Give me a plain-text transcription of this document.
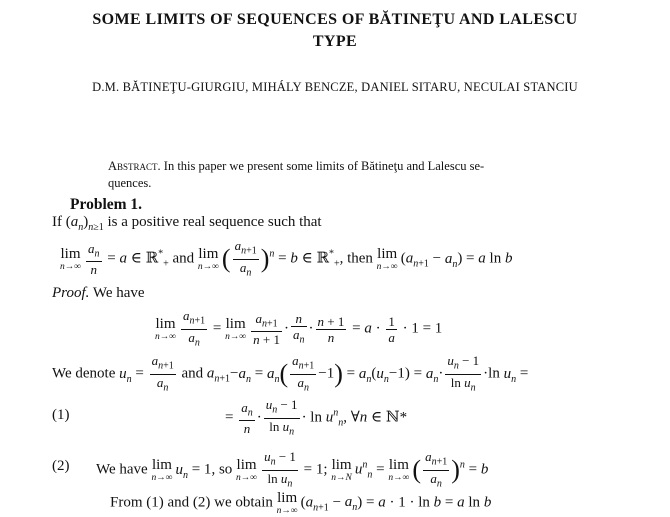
SOME LIMITS OF SEQUENCES OF BĂTINEŢU AND LALESCU
TYPE
D.M. BĂTINEŢU-GIURGIU, MIHÁLY BENCZE, DANIEL SITARU, NECULAI STANCIU
Abstract. In this paper we present some limits of Bătineţu and Lalescu se-
quences.
Problem 1.
If $(a_n)_{n\ge 1}$ is a positive real sequence such that
lim
$n\to\infty \frac{a_n}{n} = a$ ∈ ℝ*$_+$ and lim
n→∞ ( $\frac{a_{n+1}}{a_n} )^n = b$ ∈ ℝ*$_+$, then lim
n→∞
$(a_{n+1} - a_n) = a$ ln b
Proof. We have
lim
$n\to\infty \frac{a_{n+1}}{a_n} = \lim$
$n\to\infty \frac{a_{n+1}}{n + 1} \cdot \frac{n}{a_n} \cdot \frac{n + 1}{n} = a \cdot \frac{1}{a} \cdot 1 = 1$
We denote $u_n = \frac{a_{n+1}}{a_n}$ and $a_{n+1}-a_n = a_n( \frac{a_{n+1}}{a_n} -1) = a_n(u_n-1) = a_n\cdot \frac{u_n - 1}{\ln u_n} \cdot\ln$ $u_n$ =
(1)	= $\frac{a_n}{n} \cdot \frac{u_n - 1}{\ln u_n} \cdot \ln u^n_n$, ∀n ∈ ℕ*
(2) We have lim
n→∞
$u_n = 1$, so lim
$n\to\infty \frac{u_n - 1}{\ln u_n} = 1$; lim
n→N
$u^n_n = \lim$
n→∞ ( $\frac{a_{n+1}}{a_n} )^n = b$
From (1) and (2) we obtain lim
n→∞
$(a_{n+1} - a_n) = a \cdot 1 \cdot \ln b = a$ ln b
